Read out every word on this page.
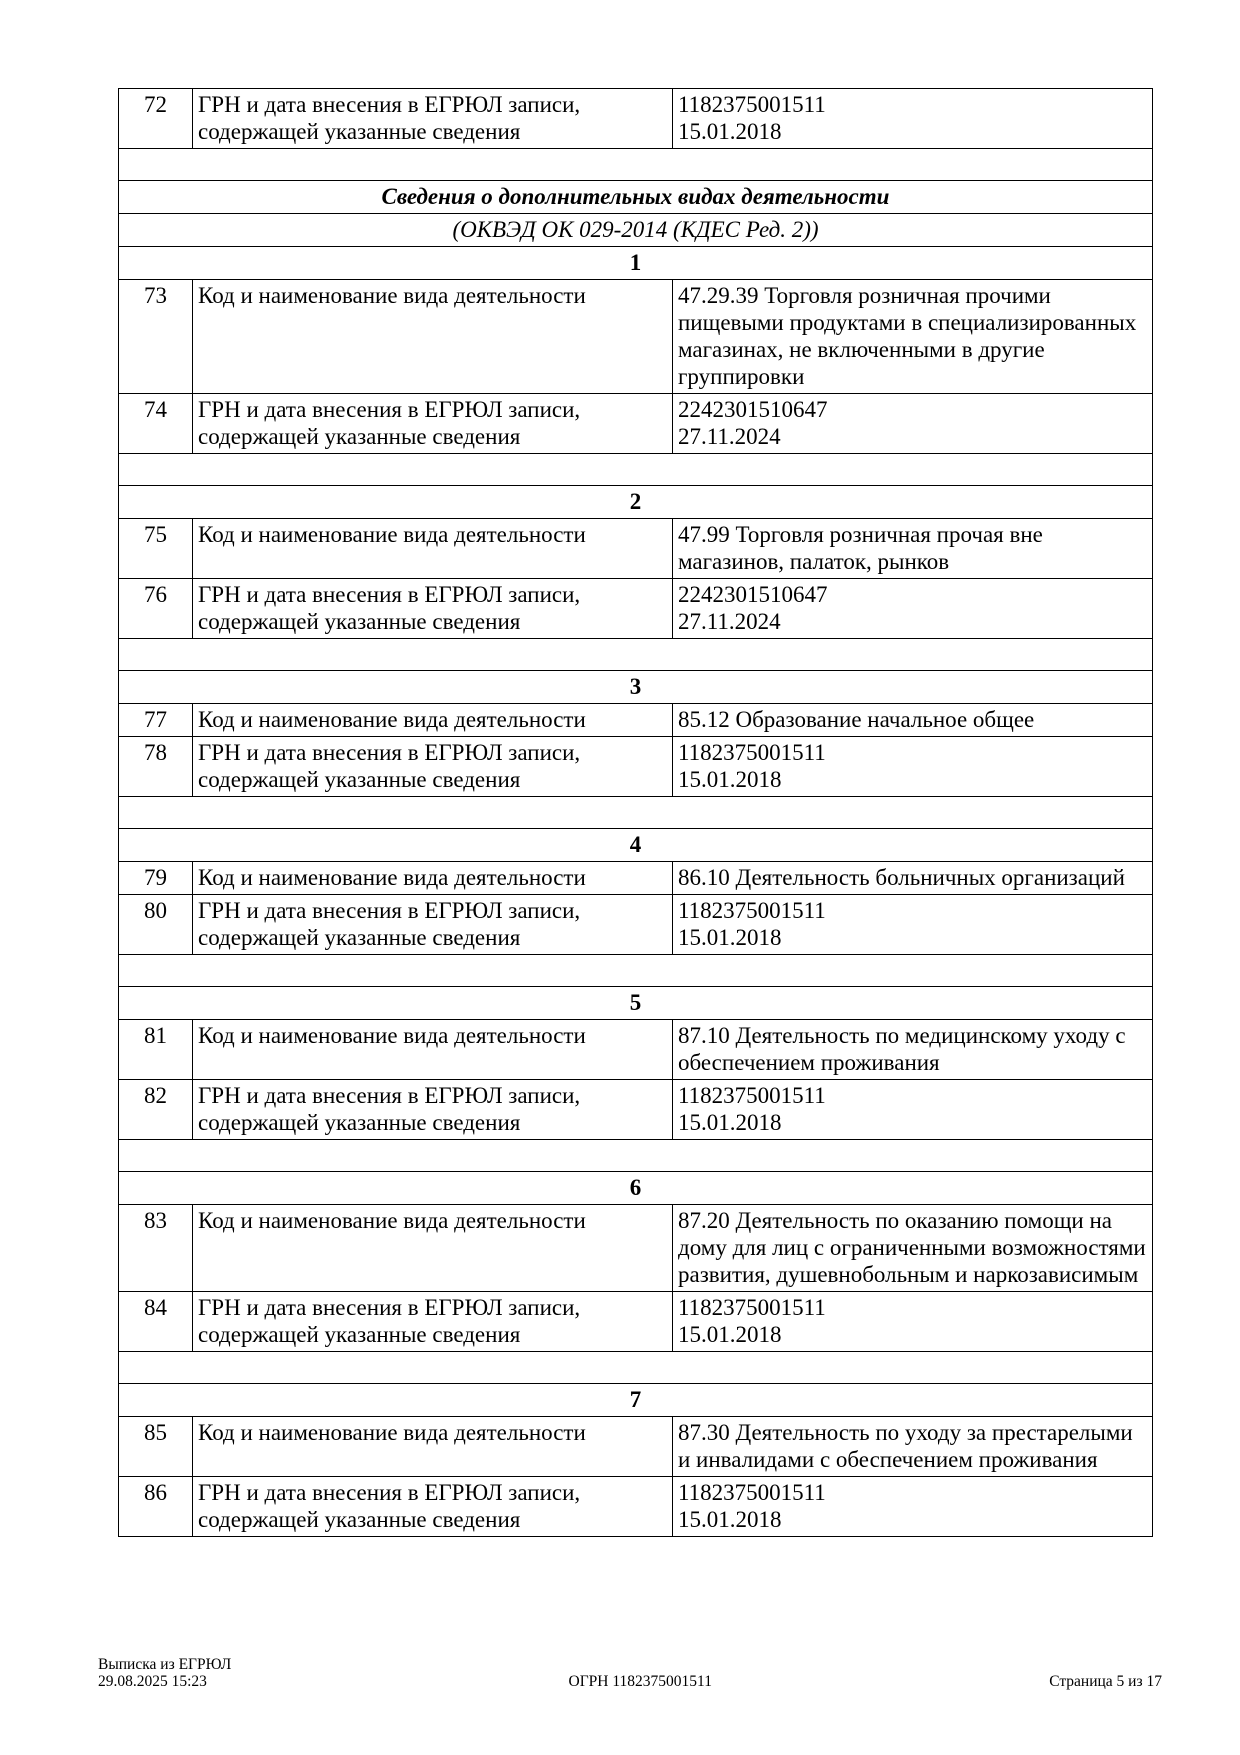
72	ГРН и дата внесения в ЕГРЮЛ записи, содержащей указанные сведения	1182375001511
15.01.2018

Сведения о дополнительных видах деятельности		
(ОКВЭД ОК 029-2014 (КДЕС Ред. 2))		
1		
73	Код и наименование вида деятельности	47.29.39 Торговля розничная прочими пищевыми продуктами в специализированных магазинах, не включенными в другие группировки
74	ГРН и дата внесения в ЕГРЮЛ записи, содержащей указанные сведения	2242301510647
27.11.2024

2		
75	Код и наименование вида деятельности	47.99 Торговля розничная прочая вне магазинов, палаток, рынков
76	ГРН и дата внесения в ЕГРЮЛ записи, содержащей указанные сведения	2242301510647
27.11.2024

3		
77	Код и наименование вида деятельности	85.12 Образование начальное общее
78	ГРН и дата внесения в ЕГРЮЛ записи, содержащей указанные сведения	1182375001511
15.01.2018

4		
79	Код и наименование вида деятельности	86.10 Деятельность больничных организаций
80	ГРН и дата внесения в ЕГРЮЛ записи, содержащей указанные сведения	1182375001511
15.01.2018

5		
81	Код и наименование вида деятельности	87.10 Деятельность по медицинскому уходу с обеспечением проживания
82	ГРН и дата внесения в ЕГРЮЛ записи, содержащей указанные сведения	1182375001511
15.01.2018

6		
83	Код и наименование вида деятельности	87.20 Деятельность по оказанию помощи на дому для лиц с ограниченными возможностями развития, душевнобольным и наркозависимым
84	ГРН и дата внесения в ЕГРЮЛ записи, содержащей указанные сведения	1182375001511
15.01.2018

7		
85	Код и наименование вида деятельности	87.30 Деятельность по уходу за престарелыми и инвалидами с обеспечением проживания
86	ГРН и дата внесения в ЕГРЮЛ записи, содержащей указанные сведения	1182375001511
15.01.2018
Выписка из ЕГРЮЛ
29.08.2025 15:23	ОГРН 1182375001511	Страница 5 из 17
